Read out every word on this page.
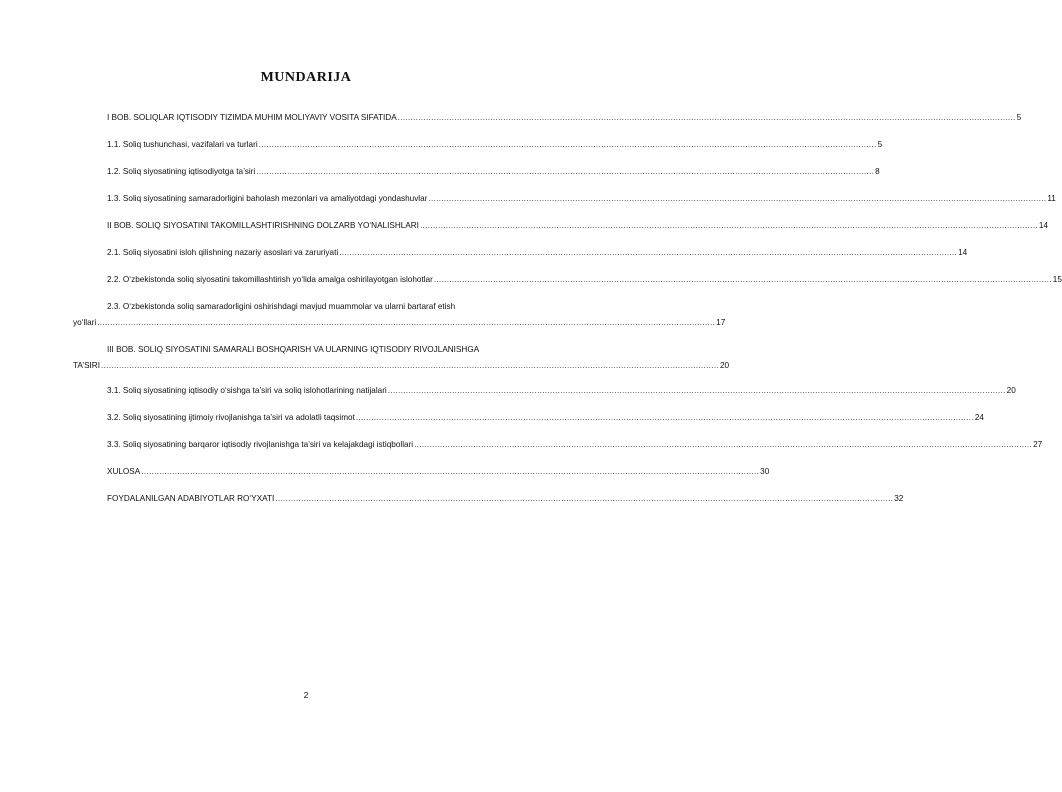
MUNDARIJA
I BOB. SOLIQLAR IQTISODIY TIZIMDA MUHIM MOLIYAVIY VOSITA SIFATIDA .....	5
1.1. Soliq tushunchasi, vazifalari va turlari .....	5
1.2. Soliq siyosatining iqtisodiyotga ta’siri .....	8
1.3. Soliq siyosatining samaradorligini baholash mezonlari va amaliyotdagi yondashuvlar .....	11
II BOB. SOLIQ SIYOSATINI TAKOMILLASHTIRISHNING DOLZARB YO‘NALISHLARI .....	14
2.1. Soliq siyosatini isloh qilishning nazariy asoslari va zaruriyati .....	14
2.2. O‘zbekistonda soliq siyosatini takomillashtirish yo‘lida amalga oshirilayotgan islohotlar .....	15
2.3. O‘zbekistonda soliq samaradorligini oshirishdagi mavjud muammolar va ularni bartaraf etish
yo‘llari .....	17
III BOB. SOLIQ SIYOSATINI SAMARALI BOSHQARISH VA ULARNING IQTISODIY RIVOJLANISHGA
TA’SIRI .....	20
3.1. Soliq siyosatining iqtisodiy o‘sishga ta’siri va soliq islohotlarining natijalari .....	20
3.2. Soliq siyosatining ijtimoiy rivojlanishga ta’siri va adolatli taqsimot .....	24
3.3. Soliq siyosatining barqaror iqtisodiy rivojlanishga ta’siri va kelajakdagi istiqbollari .....	27
XULOSA .....	30
FOYDALANILGAN ADABIYOTLAR RO‘YXATI .....	32
2
